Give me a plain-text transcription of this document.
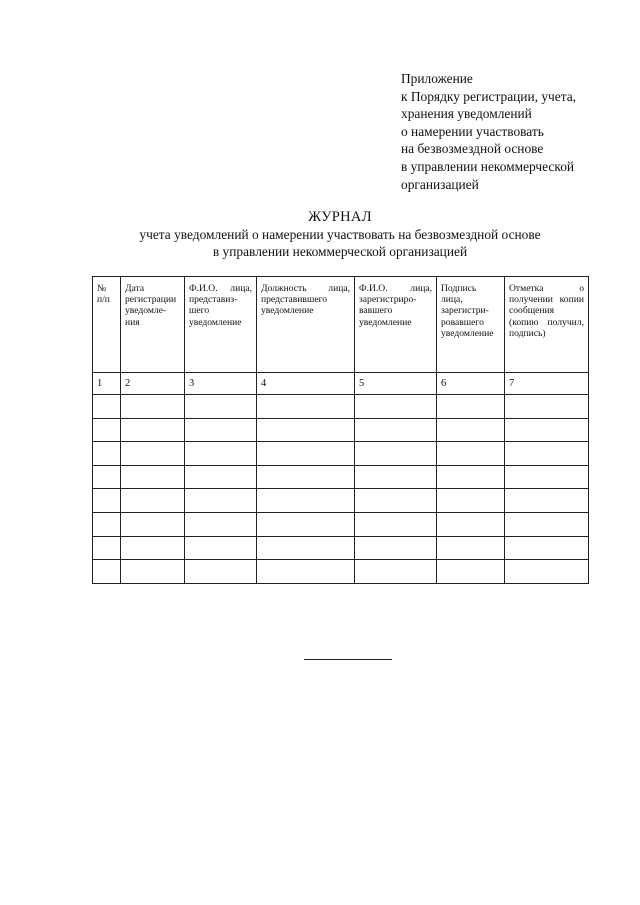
Приложение
к Порядку регистрации, учета,
хранения уведомлений
о намерении участвовать
на безвозмездной основе
в управлении некоммерческой
организацией
ЖУРНАЛ
учета уведомлений о намерении участвовать на безвозмездной основе
в управлении некоммерческой организацией
№ п/п	Дата регистрации уведомле-ния	Ф.И.О. лица, представиз-шего уведомление	Должность лица, представившего уведомление	Ф.И.О. лица, зарегистриро-вавшего уведомление	Подпись лица, зарегистри-ровавшего уведомление	Отметка о получении копии сообщения (копию получил, подпись)
1	2	3	4	5	6	7
